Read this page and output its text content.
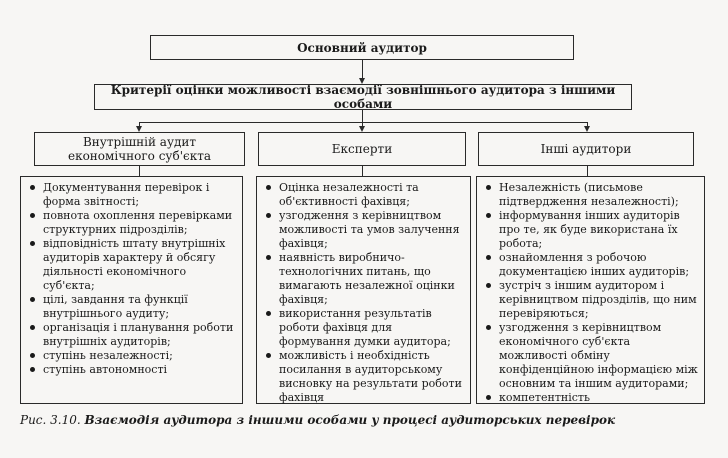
Основний аудитор
Критерії оцінки можливості взаємодії зовнішнього аудитора з іншими особами
Внутрішній аудит економічного суб'єкта	Експерти	Інші аудитори
Документування перевірок і форма звітності;
повнота охоплення перевірками структурних підрозділів;
відповідність штату внутрішніх аудиторів характеру й обсягу діяльності економічного суб'єкта;
цілі, завдання та функції внутрішнього аудиту;
організація і планування роботи внутрішніх аудиторів;
ступінь незалежності;
ступінь автономності
Оцінка незалежності та об'єктивності фахівця;
узгодження з керівництвом можливості та умов залучення фахівця;
наявність виробничо-технологічних питань, що вимагають незалежної оцінки фахівця;
використання результатів роботи фахівця для формування думки аудитора;
можливість і необхідність посилання в аудиторському висновку на результати роботи фахівця
Незалежність (письмове підтвердження незалежності);
інформування інших аудиторів про те, як буде використана їх робота;
ознайомлення з робочою документацією інших аудиторів;
зустріч з іншим аудитором і керівництвом підрозділів, що ним перевіряються;
узгодження з керівництвом економічного суб'єкта можливості обміну конфіденційною інформацією між основним та іншим аудиторами;
компетентність
Рис. 3.10. Взаємодія аудитора з іншими особами у процесі аудиторських перевірок
